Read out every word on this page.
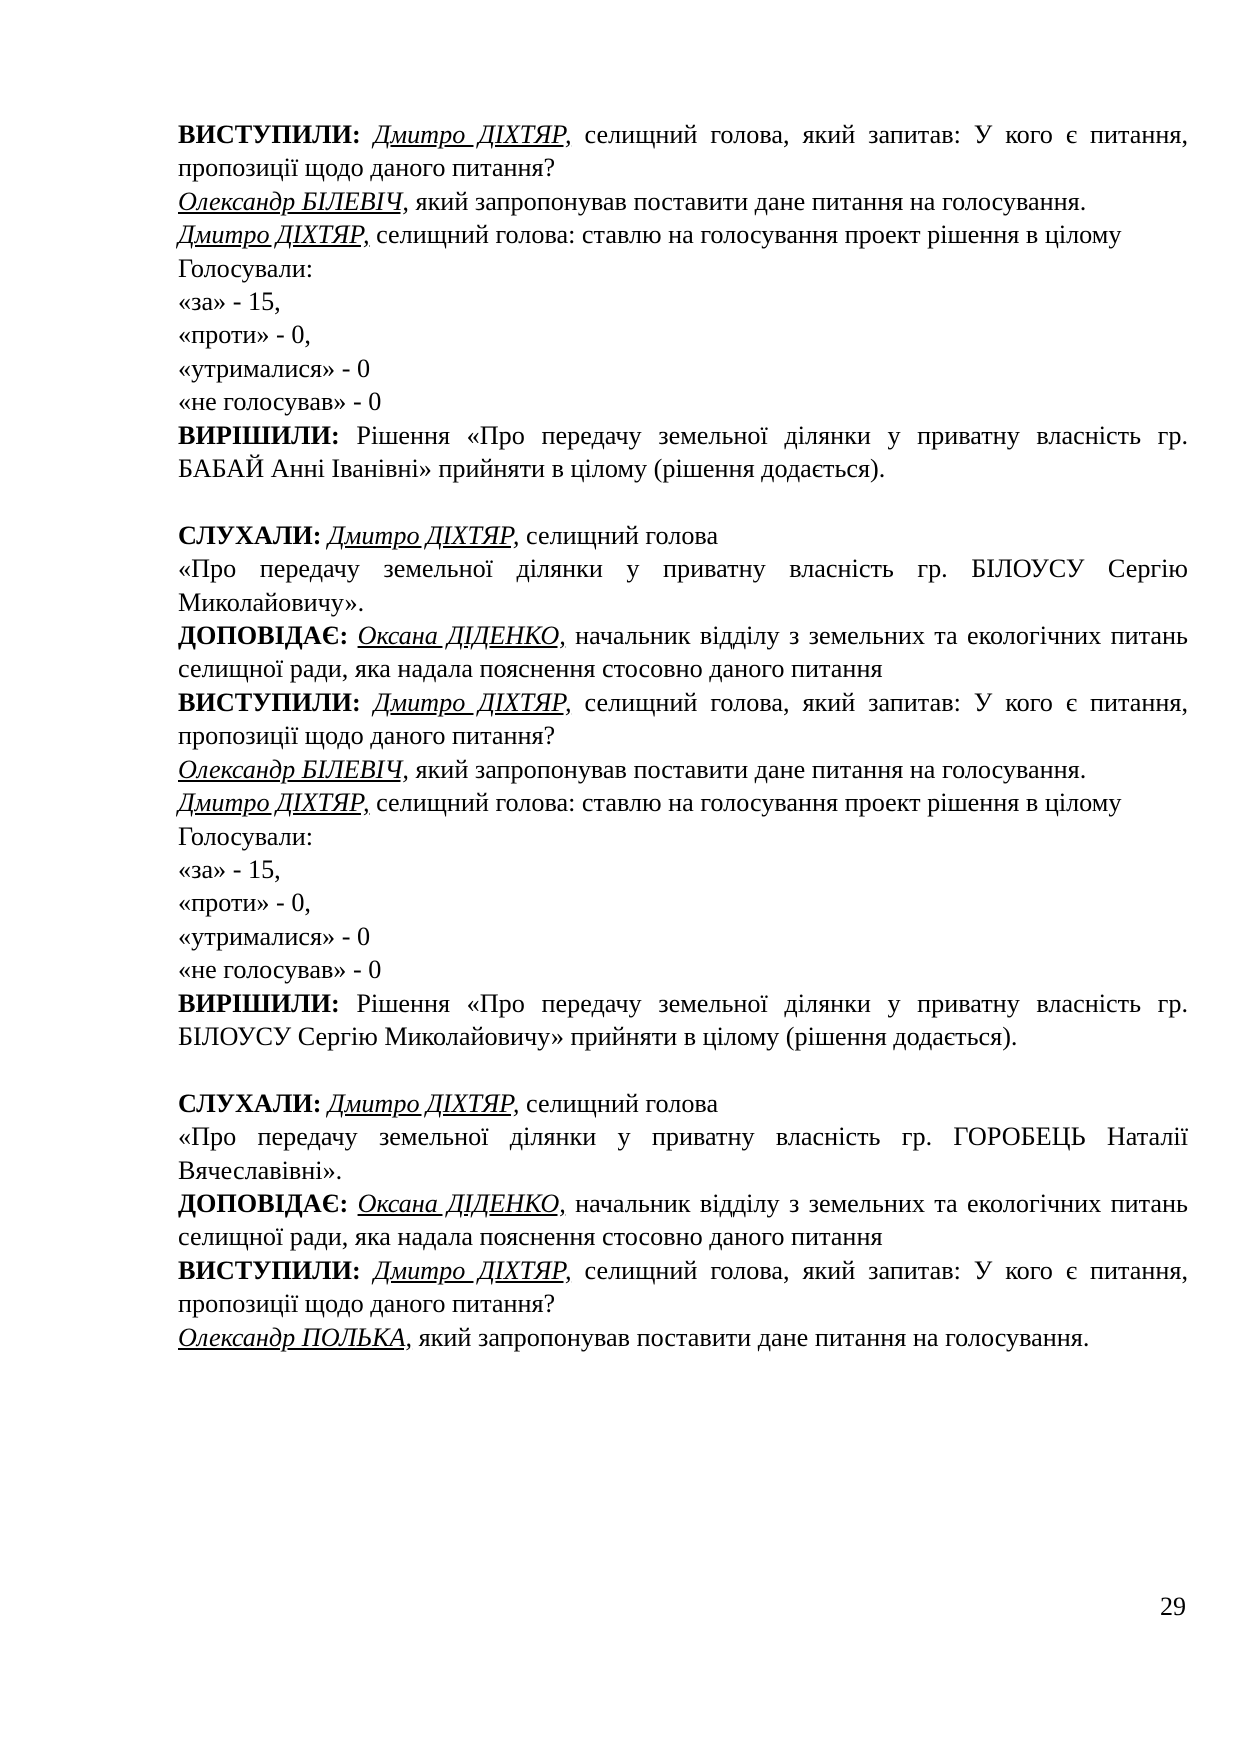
ВИСТУПИЛИ: Дмитро ДІХТЯР, селищний голова, який запитав: У кого є питання, пропозиції щодо даного питання?

Олександр БІЛЕВІЧ, який запропонував поставити дане питання на голосування.

Дмитро ДІХТЯР, селищний голова: ставлю на голосування проект рішення в цілому

Голосували:

«за» - 15,

«проти» - 0,

«утрималися» - 0

«не голосував» - 0

ВИРІШИЛИ: Рішення «Про передачу земельної ділянки у приватну власність гр. БАБАЙ Анні Іванівні» прийняти в цілому (рішення додається).

СЛУХАЛИ: Дмитро ДІХТЯР, селищний голова

«Про передачу земельної ділянки у приватну власність гр. БІЛОУСУ Сергію Миколайовичу».

ДОПОВІДАЄ: Оксана ДІДЕНКО, начальник відділу з земельних та екологічних питань селищної ради, яка надала пояснення стосовно даного питання

ВИСТУПИЛИ: Дмитро ДІХТЯР, селищний голова, який запитав: У кого є питання, пропозиції щодо даного питання?

Олександр БІЛЕВІЧ, який запропонував поставити дане питання на голосування.

Дмитро ДІХТЯР, селищний голова: ставлю на голосування проект рішення в цілому

Голосували:

«за» - 15,

«проти» - 0,

«утрималися» - 0

«не голосував» - 0

ВИРІШИЛИ: Рішення «Про передачу земельної ділянки у приватну власність гр. БІЛОУСУ Сергію Миколайовичу» прийняти в цілому (рішення додається).

СЛУХАЛИ: Дмитро ДІХТЯР, селищний голова

«Про передачу земельної ділянки у приватну власність гр. ГОРОБЕЦЬ Наталії Вячеславівні».

ДОПОВІДАЄ: Оксана ДІДЕНКО, начальник відділу з земельних та екологічних питань селищної ради, яка надала пояснення стосовно даного питання

ВИСТУПИЛИ: Дмитро ДІХТЯР, селищний голова, який запитав: У кого є питання, пропозиції щодо даного питання?

Олександр ПОЛЬКА, який запропонував поставити дане питання на голосування.

29
